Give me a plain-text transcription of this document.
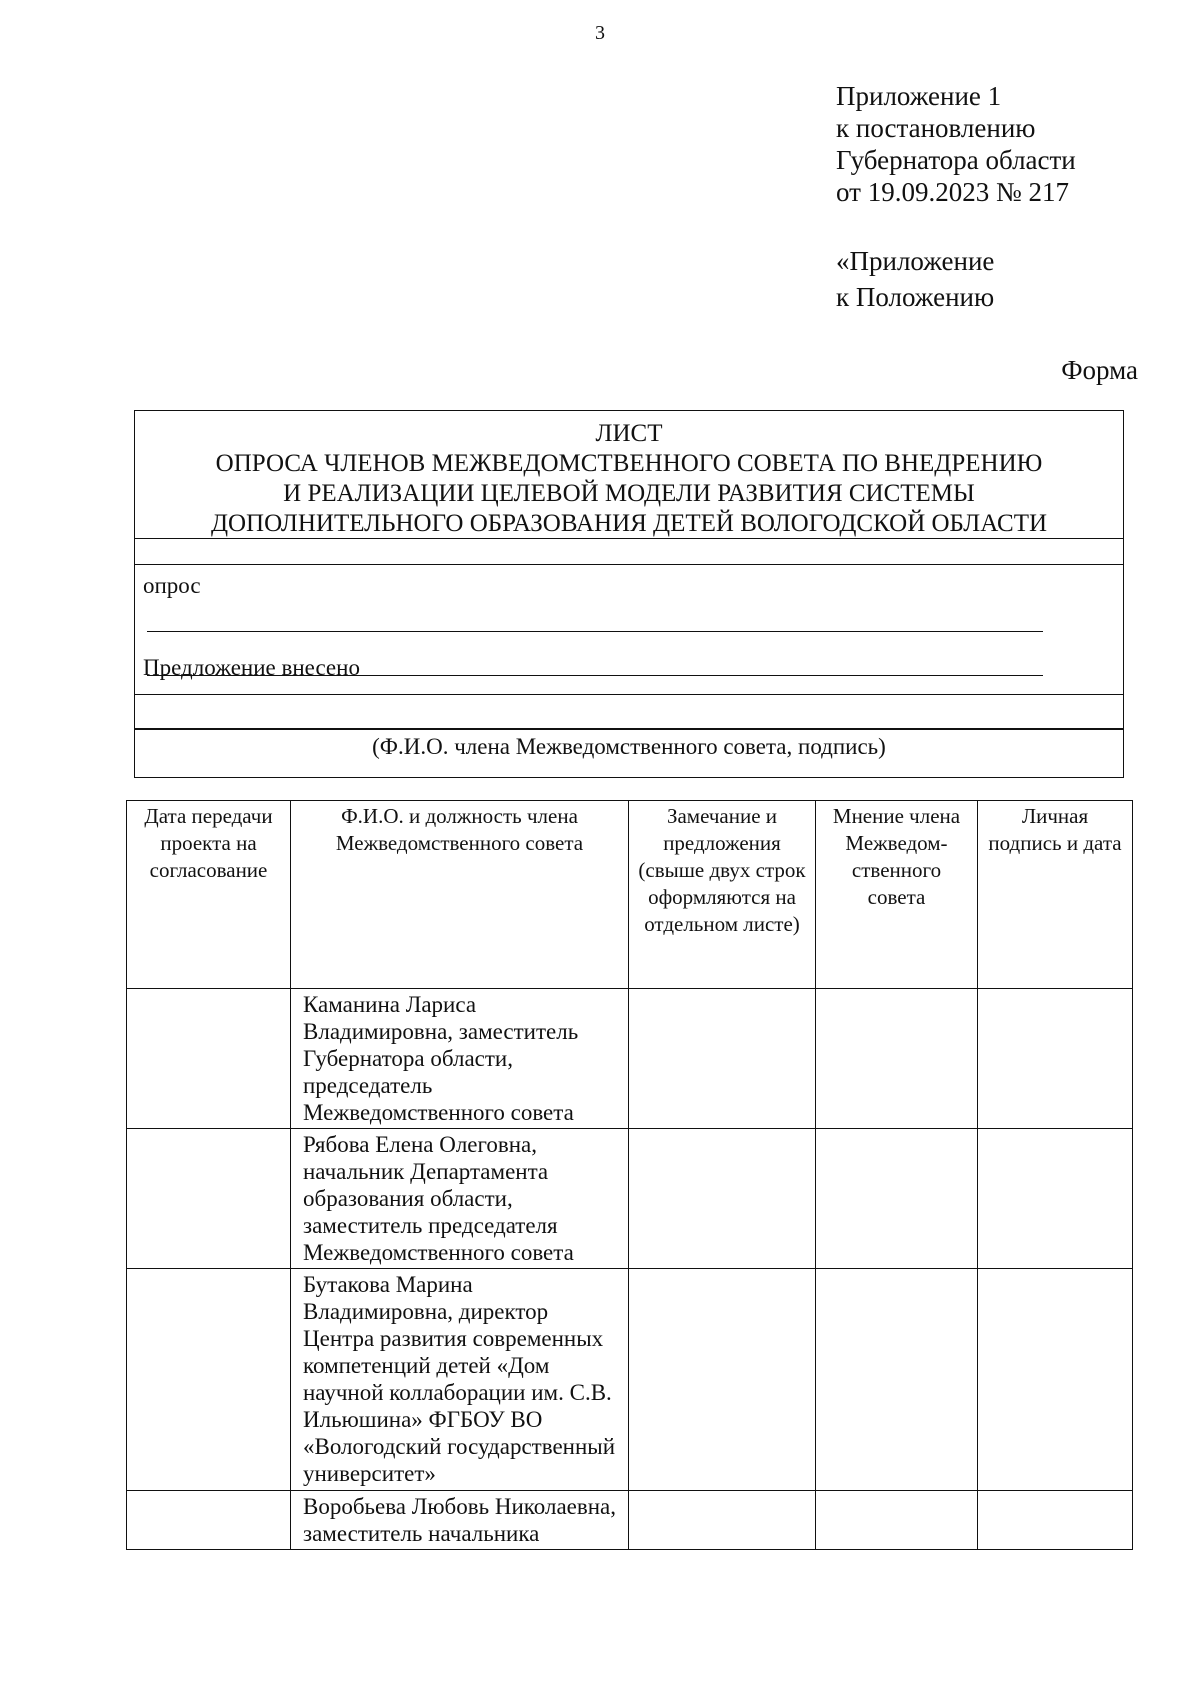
3
Приложение 1
к постановлению
Губернатора области
от 19.09.2023 № 217
«Приложение
к Положению
Форма
ЛИСТ
ОПРОСА ЧЛЕНОВ МЕЖВЕДОМСТВЕННОГО СОВЕТА ПО ВНЕДРЕНИЮ
И РЕАЛИЗАЦИИ ЦЕЛЕВОЙ МОДЕЛИ РАЗВИТИЯ СИСТЕМЫ
ДОПОЛНИТЕЛЬНОГО ОБРАЗОВАНИЯ ДЕТЕЙ ВОЛОГОДСКОЙ ОБЛАСТИ
опрос
Предложение внесено
(Ф.И.О. члена Межведомственного совета, подпись)
Дата передачи проекта на согласование	Ф.И.О. и должность члена Межведомственного совета	Замечание и предложения (свыше двух строк оформляются на отдельном листе)	Мнение члена Межведом-ственного совета	Личная подпись и дата
	Каманина Лариса Владимировна, заместитель Губернатора области, председатель Межведомственного совета			
	Рябова Елена Олеговна, начальник Департамента образования области, заместитель председателя Межведомственного совета			
	Бутакова Марина Владимировна, директор Центра развития современных компетенций детей «Дом научной коллаборации им. С.В. Ильюшина» ФГБОУ ВО «Вологодский государственный университет»			
	Воробьева Любовь Николаевна, заместитель начальника			
